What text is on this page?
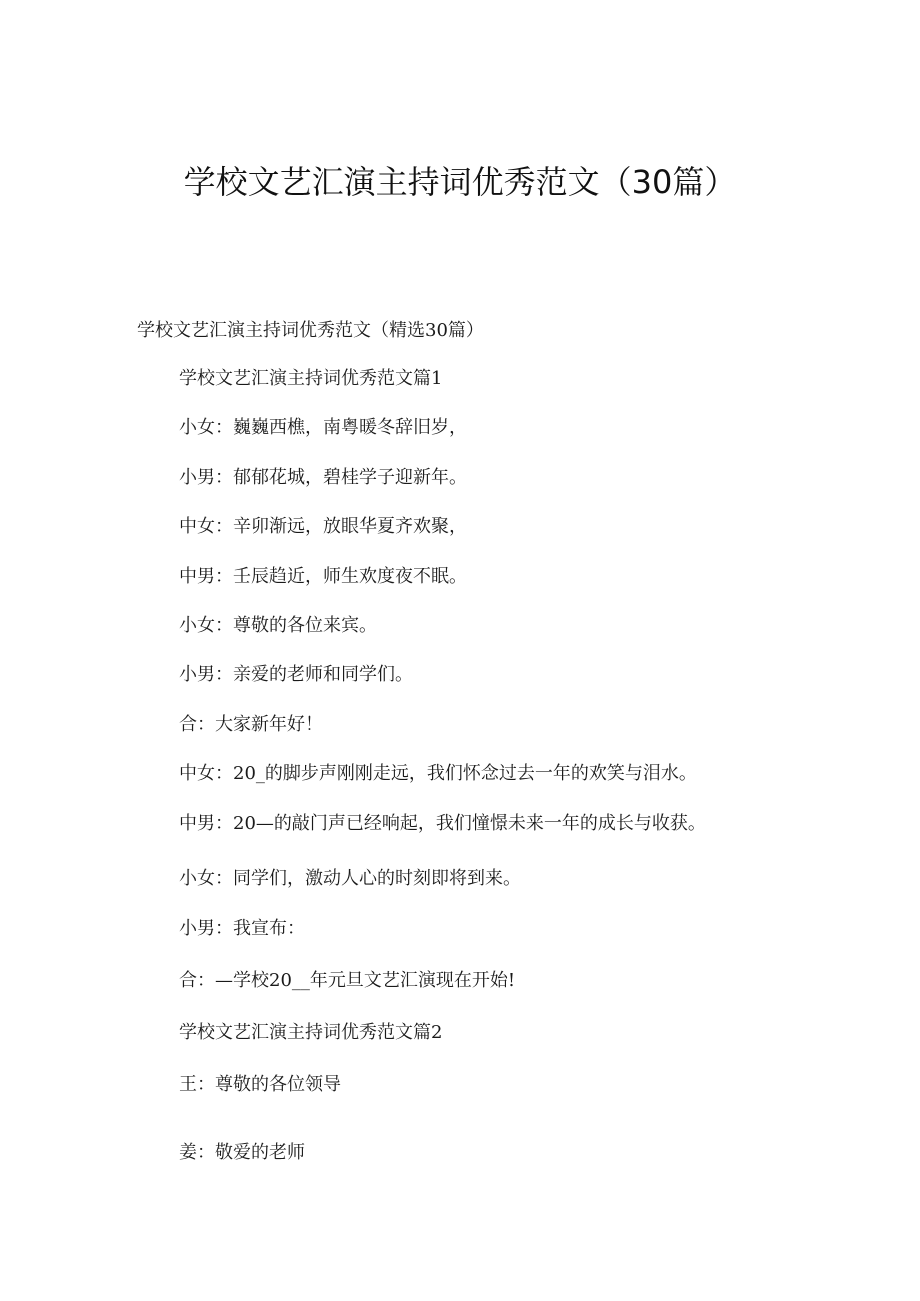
学校文艺汇演主持词优秀范文（30篇）

学校文艺汇演主持词优秀范文（精选30篇）

学校文艺汇演主持词优秀范文篇1

小女：巍巍西樵，南粤暖冬辞旧岁，

小男：郁郁花城，碧桂学子迎新年。

中女：辛卯渐远，放眼华夏齐欢聚，

中男：壬辰趋近，师生欢度夜不眠。

小女：尊敬的各位来宾。

小男：亲爱的老师和同学们。

合：大家新年好！

中女：20_的脚步声刚刚走远，我们怀念过去一年的欢笑与泪水。

中男：20—的敲门声已经响起，我们憧憬未来一年的成长与收获。

小女：同学们，激动人心的时刻即将到来。

小男：我宣布：

合：—学校20__年元旦文艺汇演现在开始!

学校文艺汇演主持词优秀范文篇2

王：尊敬的各位领导

姜：敬爱的老师
